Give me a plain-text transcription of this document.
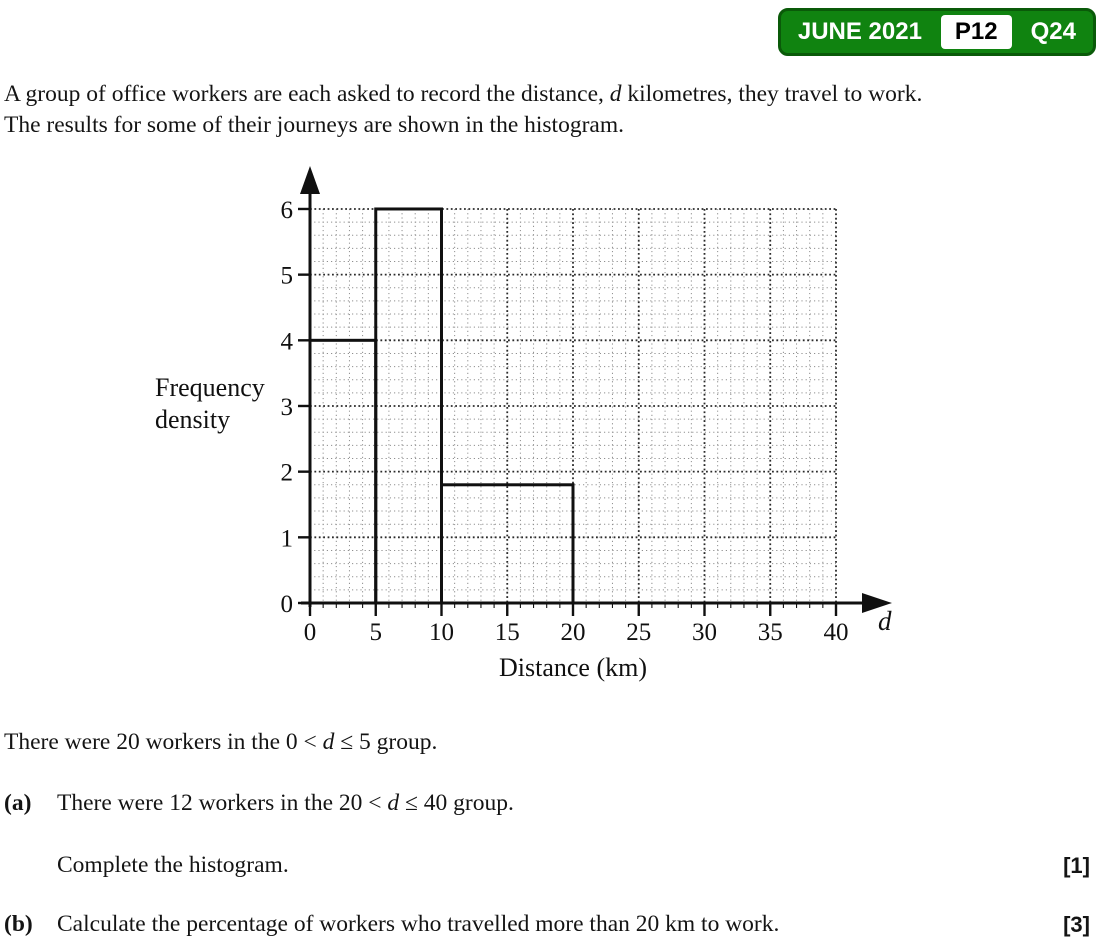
JUNE 2021	P12	Q24
A group of office workers are each asked to record the distance, d kilometres, they travel to work.
The results for some of their journeys are shown in the histogram.
0 5 10 15 20 25 30 35 40
0
1
2
3
4
5
6
Distance (km)
Frequency
density
d
There were 20 workers in the 0 < d ≤ 5 group.
(a) There were 12 workers in the 20 < d ≤ 40 group.
Complete the histogram.	[1]
(b) Calculate the percentage of workers who travelled more than 20 km to work.	[3]
